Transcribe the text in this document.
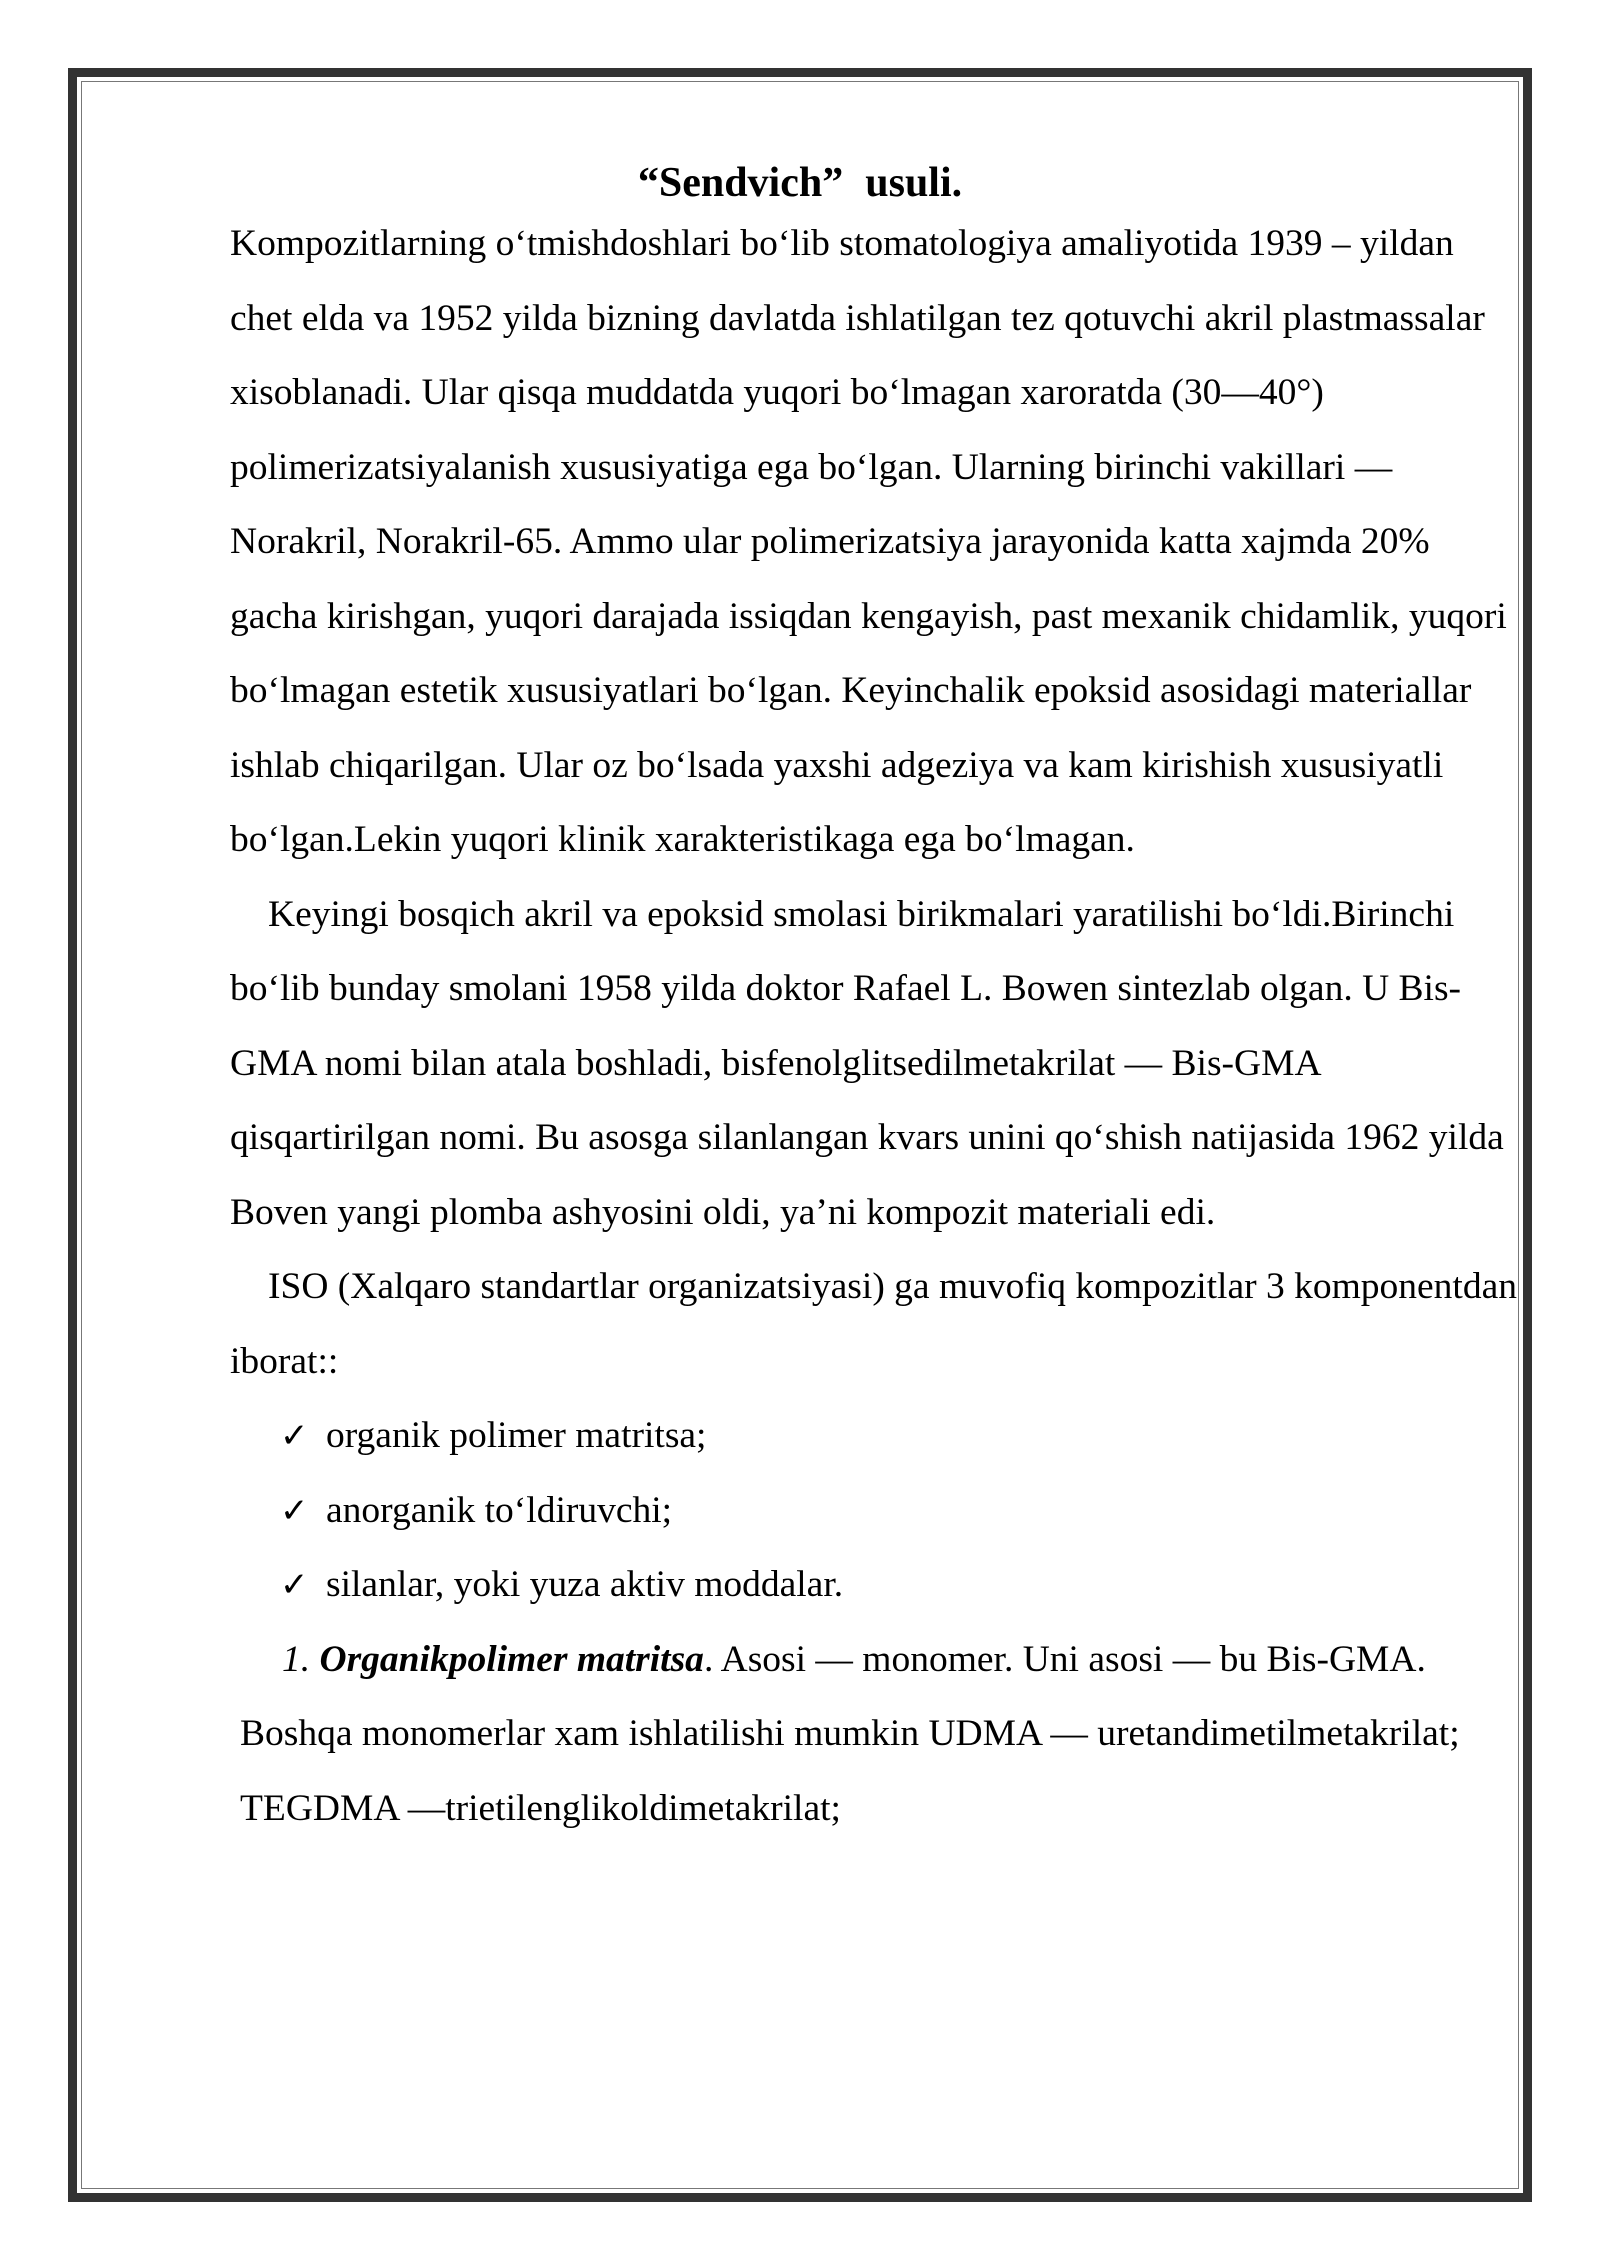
“Sendvich” usuli.

Kompozitlarning o‘tmishdoshlari bo‘lib stomatologiya amaliyotida 1939 – yildan chet elda va 1952 yilda bizning davlatda ishlatilgan tez qotuvchi akril plastmassalar xisoblanadi. Ular qisqa muddatda yuqori bo‘lmagan xaroratda (30—40°) polimerizatsiyalanish xususiyatiga ega bo‘lgan. Ularning birinchi vakillari — Norakril, Norakril-65. Ammo ular polimerizatsiya jarayonida katta xajmda 20% gacha kirishgan, yuqori darajada issiqdan kengayish, past mexanik chidamlik, yuqori bo‘lmagan estetik xususiyatlari bo‘lgan. Keyinchalik epoksid asosidagi materiallar ishlab chiqarilgan. Ular oz bo‘lsada yaxshi adgeziya va kam kirishish xususiyatli bo‘lgan.Lekin yuqori klinik xarakteristikaga ega bo‘lmagan.

Keyingi bosqich akril va epoksid smolasi birikmalari yaratilishi bo‘ldi.Birinchi bo‘lib bunday smolani 1958 yilda doktor Rafael L. Bowen sintezlab olgan. U Bis-GMA nomi bilan atala boshladi, bisfenolglitsedilmetakrilat — Bis-GMA qisqartirilgan nomi. Bu asosga silanlangan kvars unini qo‘shish natijasida 1962 yilda Boven yangi plomba ashyosini oldi, ya’ni kompozit materiali edi.

ISO (Xalqaro standartlar organizatsiyasi) ga muvofiq kompozitlar 3 komponentdan iborat::

✓ organik polimer matritsa;
✓ anorganik to‘ldiruvchi;
✓ silanlar, yoki yuza aktiv moddalar.

1. Organikpolimer matritsa. Asosi — monomer. Uni asosi — bu Bis-GMA. Boshqa monomerlar xam ishlatilishi mumkin UDMA — uretandimetilmetakrilat; TEGDMA —trietilenglikoldimetakrilat;
